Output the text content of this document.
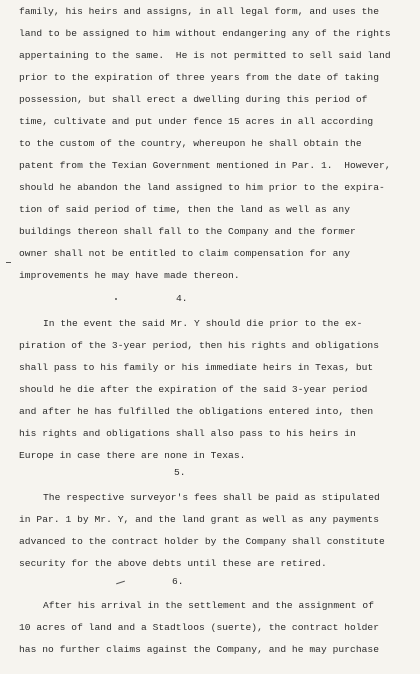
family, his heirs and assigns, in all legal form, and uses the
land to be assigned to him without endangering any of the rights
appertaining to the same.  He is not permitted to sell said land
prior to the expiration of three years from the date of taking
possession, but shall erect a dwelling during this period of
time, cultivate and put under fence 15 acres in all according
to the custom of the country, whereupon he shall obtain the
patent from the Texian Government mentioned in Par. 1.  However,
should he abandon the land assigned to him prior to the expira-
tion of said period of time, then the land as well as any
buildings thereon shall fall to the Company and the former
owner shall not be entitled to claim compensation for any
improvements he may have made thereon.
4.
In the event the said Mr. Y should die prior to the ex-
piration of the 3-year period, then his rights and obligations
shall pass to his family or his immediate heirs in Texas, but
should he die after the expiration of the said 3-year period
and after he has fulfilled the obligations entered into, then
his rights and obligations shall also pass to his heirs in
Europe in case there are none in Texas.
5.
The respective surveyor's fees shall be paid as stipulated
in Par. 1 by Mr. Y, and the land grant as well as any payments
advanced to the contract holder by the Company shall constitute
security for the above debts until these are retired.
6.
After his arrival in the settlement and the assignment of
10 acres of land and a Stadtloos (suerte), the contract holder
has no further claims against the Company, and he may purchase
